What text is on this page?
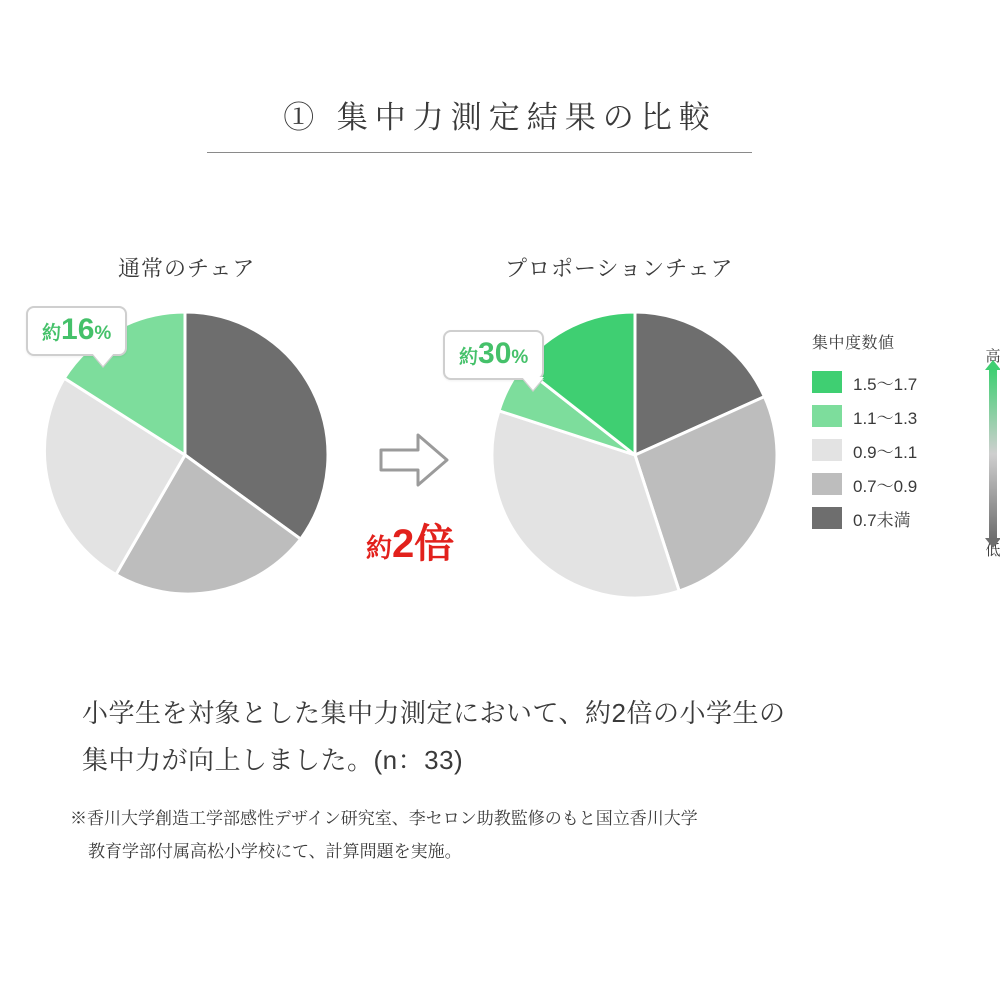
① 集中力測定結果の比較
通常のチェア
約16%
約2倍
プロポーションチェア
約30%
集中度数値
1.5〜1.7
1.1〜1.3
0.9〜1.1
0.7〜0.9
0.7未満
高
低
小学生を対象とした集中力測定において、約2倍の小学生の
集中力が向上しました。(n：33)
※香川大学創造工学部感性デザイン研究室、李セロン助教監修のもと国立香川大学
教育学部付属高松小学校にて、計算問題を実施。
